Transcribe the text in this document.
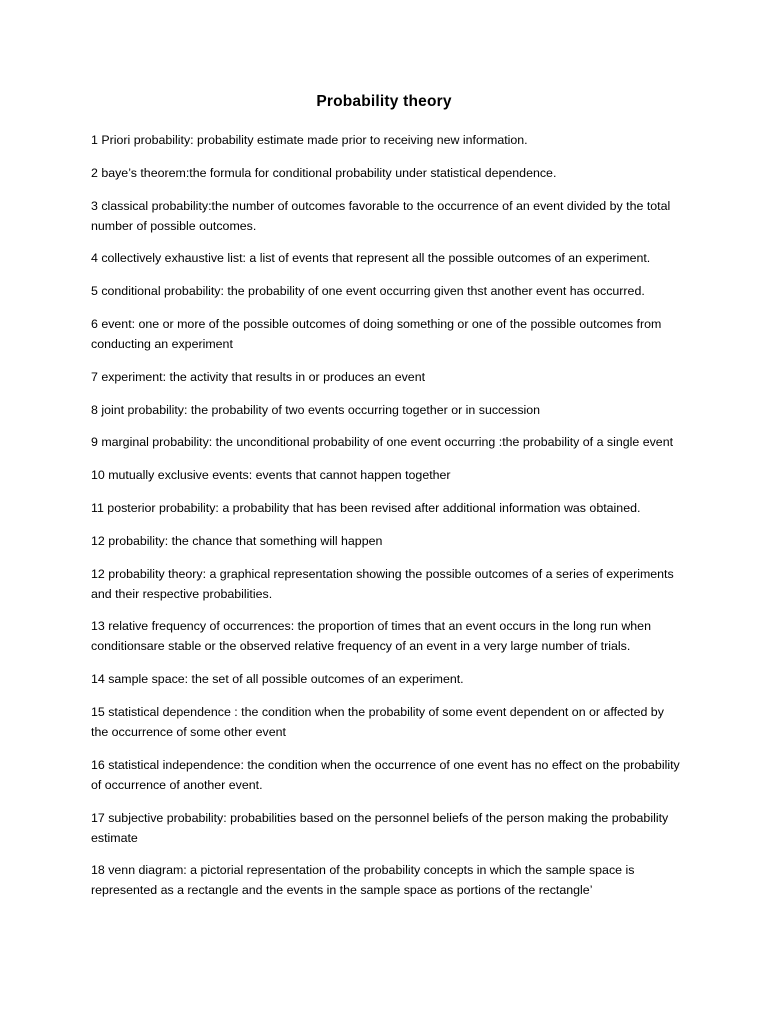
Probability theory
1 Priori probability: probability estimate made prior to receiving new information.
2 baye’s theorem:the formula for conditional probability under statistical dependence.
3 classical probability:the number of outcomes favorable to the occurrence of an event divided by the total number of possible outcomes.
4 collectively exhaustive list: a list of events that represent all the possible outcomes of an experiment.
5 conditional probability: the probability of one event occurring given thst another event has occurred.
6 event: one or more of the possible outcomes of doing something or one of the possible outcomes from conducting an experiment
7 experiment: the activity that results in or produces an event
8 joint probability: the probability of two events occurring together or in succession
9 marginal probability: the unconditional probability of one event occurring :the probability of a single event
10 mutually exclusive events: events that cannot happen together
11 posterior probability: a probability that has been revised after additional information was obtained.
12 probability: the chance that something will happen
12 probability theory: a graphical representation showing the possible outcomes of a series of experiments and their respective probabilities.
13 relative frequency of occurrences: the proportion of times that an event occurs in the long run when conditionsare stable or the observed relative frequency of an event in a very large number of trials.
14 sample space: the set of all possible outcomes of an experiment.
15 statistical dependence : the condition when the probability of some event dependent on or affected by the occurrence of some other event
16 statistical independence: the condition when the occurrence of one event has no effect on the probability of occurrence of another event.
17 subjective probability: probabilities based on the personnel beliefs of the person making the probability estimate
18 venn diagram: a pictorial representation of the probability concepts in which the sample space is represented as a rectangle and the events in the sample space as portions of the rectangle’
